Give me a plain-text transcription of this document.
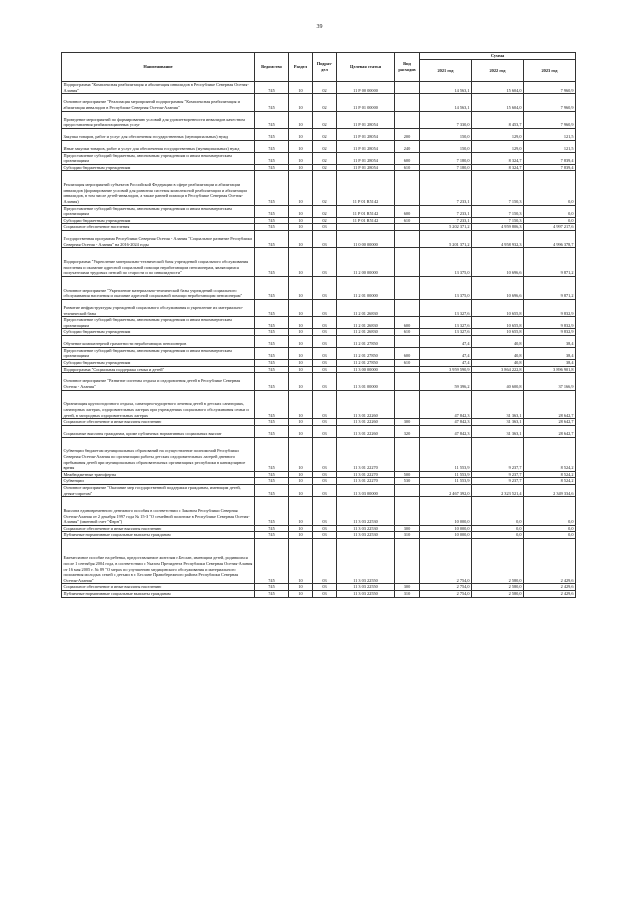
39
Наименование	Ведомство	Раздел	Подраз-дел	Целевая статья	Вид расходов	Сумма		
						2021 год	2022 год	2023 год
Подпрограмма "Комплексная реабилитация и абилитация инвалидов в Республике Северная Осетия-Алания"	745	10	02	11 Р 00 00000		14 563,1	15 604,0	7 960,9
Основное мероприятие "Реализация мероприятий подпрограммы "Комплексная реабилитация и абилитация инвалидов в Республике Северная Осетия-Алания"	745	10	02	11 Р 01 00000		14 563,1	15 604,0	7 960,9
Проведение мероприятий по формированию условий для удовлетворенности инвалидов качеством предоставления реабилитационных услуг	745	10	02	11 Р 01 28054		7 330,0	8 453,7	7 960,9
Закупка товаров, работ и услуг для обеспечения государственных (муниципальных) нужд	745	10	02	11 Р 01 28054	200	150,0	129,0	121,5
Иные закупки товаров, работ и услуг для обеспечения государственных (муниципальных) нужд	745	10	02	11 Р 01 28054	240	150,0	129,0	121,5
Предоставление субсидий бюджетным, автономным учреждениям и иным некоммерческим организациям	745	10	02	11 Р 01 28054	600	7 180,0	8 324,7	7 839,4
Субсидии бюджетным учреждениям	745	10	02	11 Р 01 28054	610	7 180,0	8 324,7	7 839,4
Реализация мероприятий субъектов Российской Федерации в сфере реабилитации и абилитации инвалидов (формирование условий для развития системы комплексной реабилитации и абилитации инвалидов, в том числе детей-инвалидов, а также ранней помощи в Республике Северная Осетия-Алания)	745	10	02	11 Р 01 R5142		7 233,1	7 150,3	0,0
Предоставление субсидий бюджетным, автономным учреждениям и иным некоммерческим организациям	745	10	02	11 Р 01 R5142	600	7 233,1	7 150,3	0,0
Субсидии бюджетным учреждениям	745	10	02	11 Р 01 R5142	610	7 233,1	7 150,3	0,0
Социальное обеспечение населения	745	10	03			5 202 371,2	4 959 806,3	4 997 217,6
Государственная программа Республики Северная Осетия - Алания "Социальное развитие Республики Северная Осетия - Алания" на 2016-2024 годы	745	10	03	11 0 00 00000		5 201 371,2	4 958 932,3	4 996 378,7
Подпрограмма "Укрепление материально-технической базы учреждений социального обслуживания населения и оказание адресной социальной помощи неработающим пенсионерам, являющимся получателями трудовых пенсий по старости и по инвалидности"	745	10	03	11 2 00 00000		13 375,0	10 696,6	9 871,2
Основное мероприятие "Укрепление материально-технической базы учреждений социального обслуживания населения и оказание адресной социальной помощи неработающим пенсионерам"	745	10	03	11 2 01 00000		13 375,0	10 696,6	9 871,2
Развитие инфраструктуры учреждений социального обслуживания и укрепление их материально-технической базы	745	10	03	11 2 01 26830		13 327,6	10 655,8	9 832,9
Предоставление субсидий бюджетным, автономным учреждениям и иным некоммерческим организациям	745	10	03	11 2 01 26830	600	13 327,6	10 655,8	9 832,9
Субсидии бюджетным учреждениям	745	10	03	11 2 01 26830	610	13 327,6	10 655,8	9 832,9
Обучение компьютерной грамотности неработающих пенсионеров	745	10	03	11 2 01 27850		47,4	40,8	38,4
Предоставление субсидий бюджетным, автономным учреждениям и иным некоммерческим организациям	745	10	03	11 2 01 27850	600	47,4	40,8	38,4
Субсидии бюджетным учреждениям	745	10	03	11 2 01 27850	610	47,4	40,8	38,4
Подпрограмма "Социальная поддержка семьи и детей"	745	10	03	11 3 00 00000		3 959 590,9	3 864 222,8	3 896 901,8
Основное мероприятие "Развитие системы отдыха и оздоровления детей в Республике Северная Осетия - Алания"	745	10	03	11 3 01 00000		59 396,2	40 600,8	37 166,9
Организация круглогодичного отдыха, санаторно-курортного лечения детей в детских санаториях, санаторных лагерях, оздоровительных лагерях при учреждениях социального обслуживания семьи и детей, в загородных оздоровительных лагерях	745	10	03	11 3 01 22260		47 842,3	31 363,1	28 642,7
Социальное обеспечение и иные выплаты населению	745	10	03	11 3 01 22260	300	47 842,3	31 363,1	28 642,7
Социальные выплаты гражданам, кроме публичных нормативных социальных выплат	745	10	03	11 3 01 22260	320	47 842,3	31 363,1	28 642,7
Субвенции бюджетам муниципальных образований на осуществление полномочий Республики Северная Осетия-Алания по организации работы детских оздоровительных лагерей дневного пребывания детей при муниципальных образовательных организациях республики в каникулярное время	745	10	03	11 3 01 22270		11 553,9	9 237,7	8 524,2
Межбюджетные трансферты	745	10	03	11 3 01 22270	500	11 553,9	9 237,7	8 524,2
Субвенции	745	10	03	11 3 01 22270	530	11 553,9	9 237,7	8 524,2
Основное мероприятие "Оказание мер государственной поддержки гражданам, имеющим детей, детям-сиротам"	745	10	03	11 3 03 00000		2 467 392,0	2 323 521,4	2 349 334,6
Выплата единовременного денежного пособия в соответствии с Законом Республики Северная Осетия-Алания от 2 декабря 1997 года № 15-З "О семейной политике в Республике Северная Осетия-Алания" (именной счет "Фарн")	745	10	03	11 3 03 22530		10 000,0	0,0	0,0
Социальное обеспечение и иные выплаты населению	745	10	03	11 3 03 22530	300	10 000,0	0,0	0,0
Публичные нормативные социальные выплаты гражданам	745	10	03	11 3 03 22530	310	10 000,0	0,0	0,0
Ежемесячное пособие на ребенка, предоставляемое жителям г.Беслан, имеющим детей, родившихся после 1 сентября 2004 года, в соответствии с Указом Президента Республики Северная Осетия-Алания от 16 мая 2005 г. № 89 "О мерах по улучшению медицинского обслуживания и материального положения молодых семей с детьми в г. Беслане Правобережного района Республики Северная Осетия-Алания"	745	10	03	11 3 03 22550		2 754,0	2 580,0	2 429,6
Социальное обеспечение и иные выплаты населению	745	10	03	11 3 03 22550	300	2 754,0	2 580,0	2 429,6
Публичные нормативные социальные выплаты гражданам	745	10	03	11 3 03 22550	310	2 754,0	2 580,0	2 429,6
